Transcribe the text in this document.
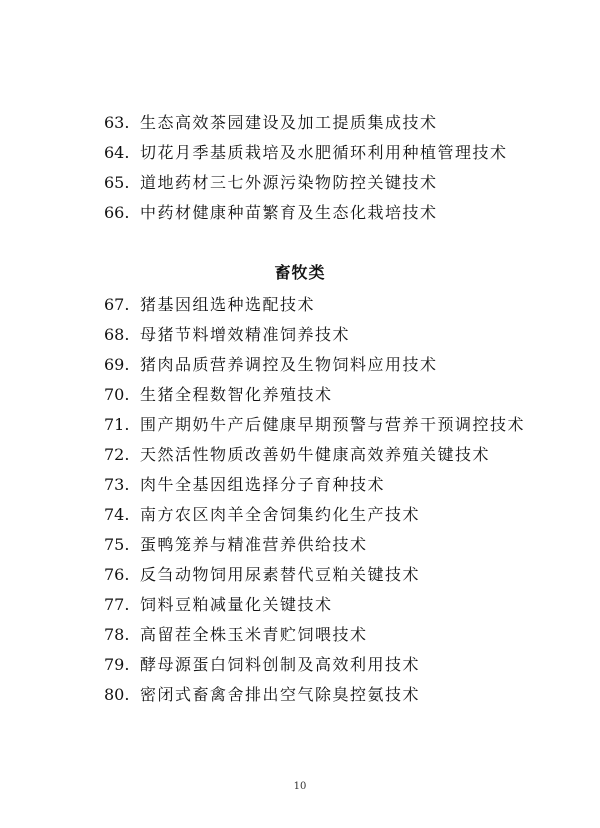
63. 生态高效茶园建设及加工提质集成技术
64. 切花月季基质栽培及水肥循环利用种植管理技术
65. 道地药材三七外源污染物防控关键技术
66. 中药材健康种苗繁育及生态化栽培技术
畜牧类
67. 猪基因组选种选配技术
68. 母猪节料增效精准饲养技术
69. 猪肉品质营养调控及生物饲料应用技术
70. 生猪全程数智化养殖技术
71. 围产期奶牛产后健康早期预警与营养干预调控技术
72. 天然活性物质改善奶牛健康高效养殖关键技术
73. 肉牛全基因组选择分子育种技术
74. 南方农区肉羊全舍饲集约化生产技术
75. 蛋鸭笼养与精准营养供给技术
76. 反刍动物饲用尿素替代豆粕关键技术
77. 饲料豆粕减量化关键技术
78. 高留茬全株玉米青贮饲喂技术
79. 酵母源蛋白饲料创制及高效利用技术
80. 密闭式畜禽舍排出空气除臭控氨技术
10
